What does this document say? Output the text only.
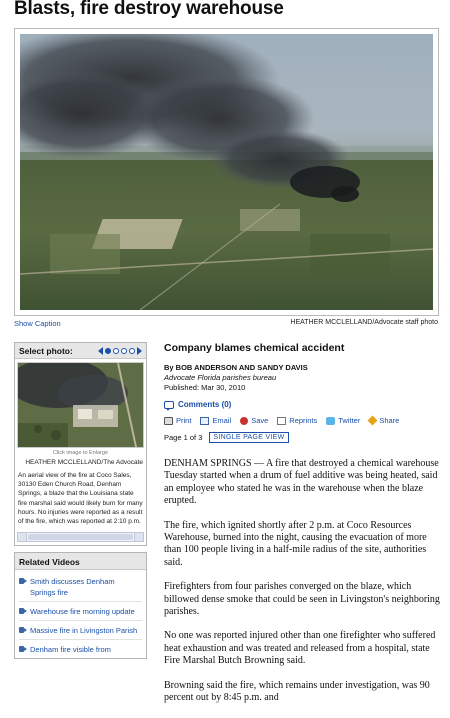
Blasts, fire destroy warehouse
Show Caption	HEATHER MCCLELLAND/Advocate staff photo
Select photo:
Click image to Enlarge
HEATHER MCCLELLAND/The Advocate
An aerial view of the fire at Coco Sales, 30130 Eden Church Road, Denham Springs, a blaze that the Louisiana state fire marshal said would likely burn for many hours. No injuries were reported as a result of the fire, which was reported at 2:10 p.m.
Related Videos
Smith discusses Denham Springs fire
Warehouse fire morning update
Massive fire in Livingston Parish
Denham fire visible from
Company blames chemical accident
By BOB ANDERSON AND SANDY DAVIS
Advocate Florida parishes bureau
Published: Mar 30, 2010
Comments (0)
Print	Email	Save	Reprints	Twitter	Share
Page 1 of 3	SINGLE PAGE VIEW

DENHAM SPRINGS — A fire that destroyed a chemical warehouse Tuesday started when a drum of fuel additive was being heated, said an employee who stated he was in the warehouse when the blaze erupted.

The fire, which ignited shortly after 2 p.m. at Coco Resources Warehouse, burned into the night, causing the evacuation of more than 100 people living in a half-mile radius of the site, authorities said.

Firefighters from four parishes converged on the blaze, which billowed dense smoke that could be seen in Livingston's neighboring parishes.

No one was reported injured other than one firefighter who suffered heat exhaustion and was treated and released from a hospital, state Fire Marshal Butch Browning said.

Browning said the fire, which remains under investigation, was 90 percent out by 8:45 p.m. and
